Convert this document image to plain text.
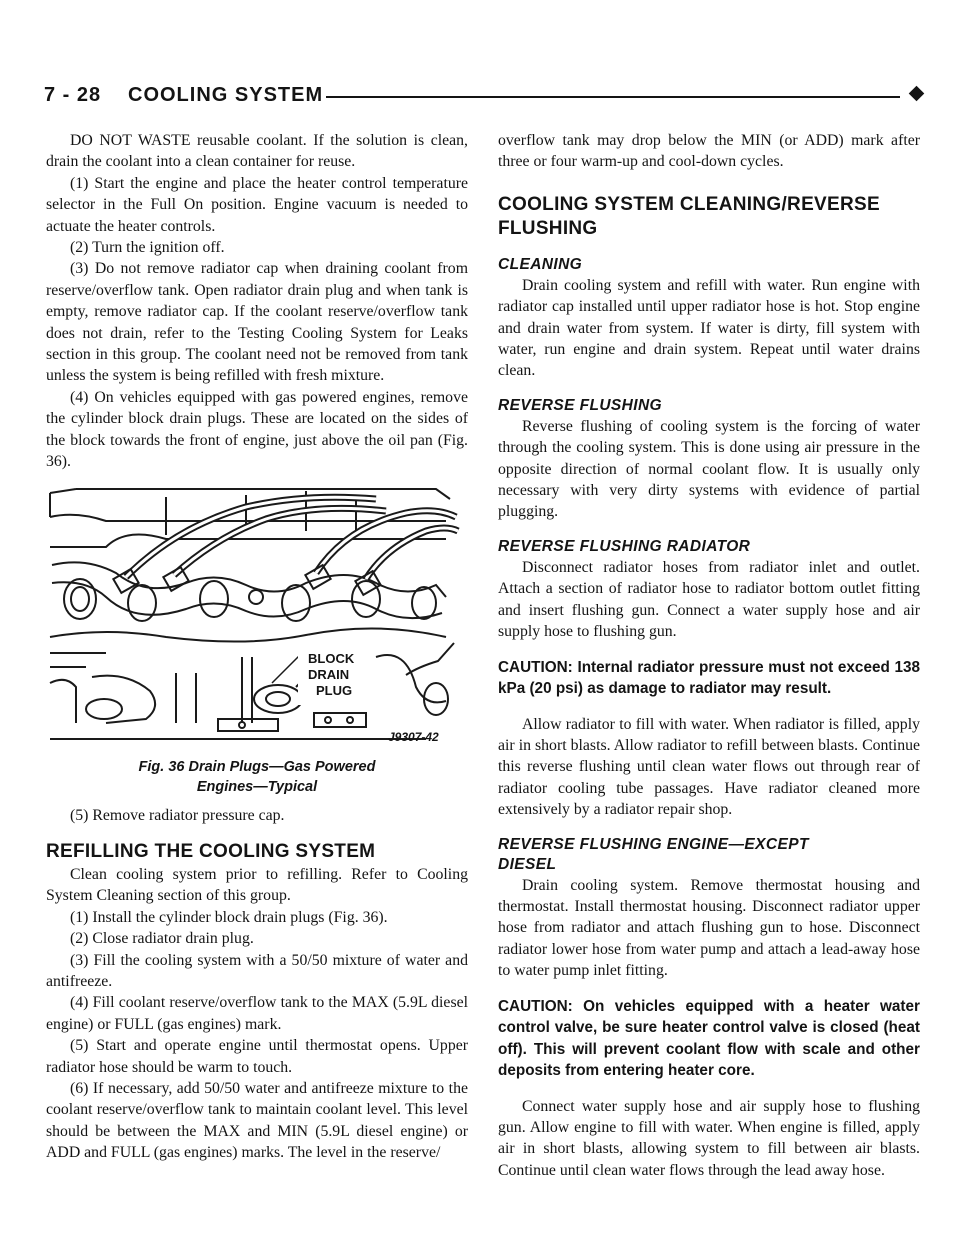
7 - 28 COOLING SYSTEM

DO NOT WASTE reusable coolant. If the solution is clean, drain the coolant into a clean container for reuse.

(1) Start the engine and place the heater control temperature selector in the Full On position. Engine vacuum is needed to actuate the heater controls.

(2) Turn the ignition off.

(3) Do not remove radiator cap when draining coolant from reserve/overflow tank. Open radiator drain plug and when tank is empty, remove radiator cap. If the coolant reserve/overflow tank does not drain, refer to the Testing Cooling System for Leaks section in this group. The coolant need not be removed from tank unless the system is being refilled with fresh mixture.

(4) On vehicles equipped with gas powered engines, remove the cylinder block drain plugs. These are located on the sides of the block towards the front of engine, just above the oil pan (Fig. 36).

BLOCK
DRAIN
PLUG
J9307-42
Fig. 36 Drain Plugs—Gas Powered
Engines—Typical

(5) Remove radiator pressure cap.

REFILLING THE COOLING SYSTEM

Clean cooling system prior to refilling. Refer to Cooling System Cleaning section of this group.

(1) Install the cylinder block drain plugs (Fig. 36).

(2) Close radiator drain plug.

(3) Fill the cooling system with a 50/50 mixture of water and antifreeze.

(4) Fill coolant reserve/overflow tank to the MAX (5.9L diesel engine) or FULL (gas engines) mark.

(5) Start and operate engine until thermostat opens. Upper radiator hose should be warm to touch.

(6) If necessary, add 50/50 water and antifreeze mixture to the coolant reserve/overflow tank to maintain coolant level. This level should be between the MAX and MIN (5.9L diesel engine) or ADD and FULL (gas engines) marks. The level in the reserve/

overflow tank may drop below the MIN (or ADD) mark after three or four warm-up and cool-down cycles.

COOLING SYSTEM CLEANING/REVERSE FLUSHING
CLEANING

Drain cooling system and refill with water. Run engine with radiator cap installed until upper radiator hose is hot. Stop engine and drain water from system. If water is dirty, fill system with water, run engine and drain system. Repeat until water drains clean.

REVERSE FLUSHING

Reverse flushing of cooling system is the forcing of water through the cooling system. This is done using air pressure in the opposite direction of normal coolant flow. It is usually only necessary with very dirty systems with evidence of partial plugging.

REVERSE FLUSHING RADIATOR

Disconnect radiator hoses from radiator inlet and outlet. Attach a section of radiator hose to radiator bottom outlet fitting and insert flushing gun. Connect a water supply hose and air supply hose to flushing gun.

CAUTION: Internal radiator pressure must not exceed 138 kPa (20 psi) as damage to radiator may result.

Allow radiator to fill with water. When radiator is filled, apply air in short blasts. Allow radiator to refill between blasts. Continue this reverse flushing until clean water flows out through rear of radiator cooling tube passages. Have radiator cleaned more extensively by a radiator repair shop.

REVERSE FLUSHING ENGINE—EXCEPT
DIESEL

Drain cooling system. Remove thermostat housing and thermostat. Install thermostat housing. Disconnect radiator upper hose from radiator and attach flushing gun to hose. Disconnect radiator lower hose from water pump and attach a lead-away hose to water pump inlet fitting.

CAUTION: On vehicles equipped with a heater water control valve, be sure heater control valve is closed (heat off). This will prevent coolant flow with scale and other deposits from entering heater core.

Connect water supply hose and air supply hose to flushing gun. Allow engine to fill with water. When engine is filled, apply air in short blasts, allowing system to fill between air blasts. Continue until clean water flows through the lead away hose.
